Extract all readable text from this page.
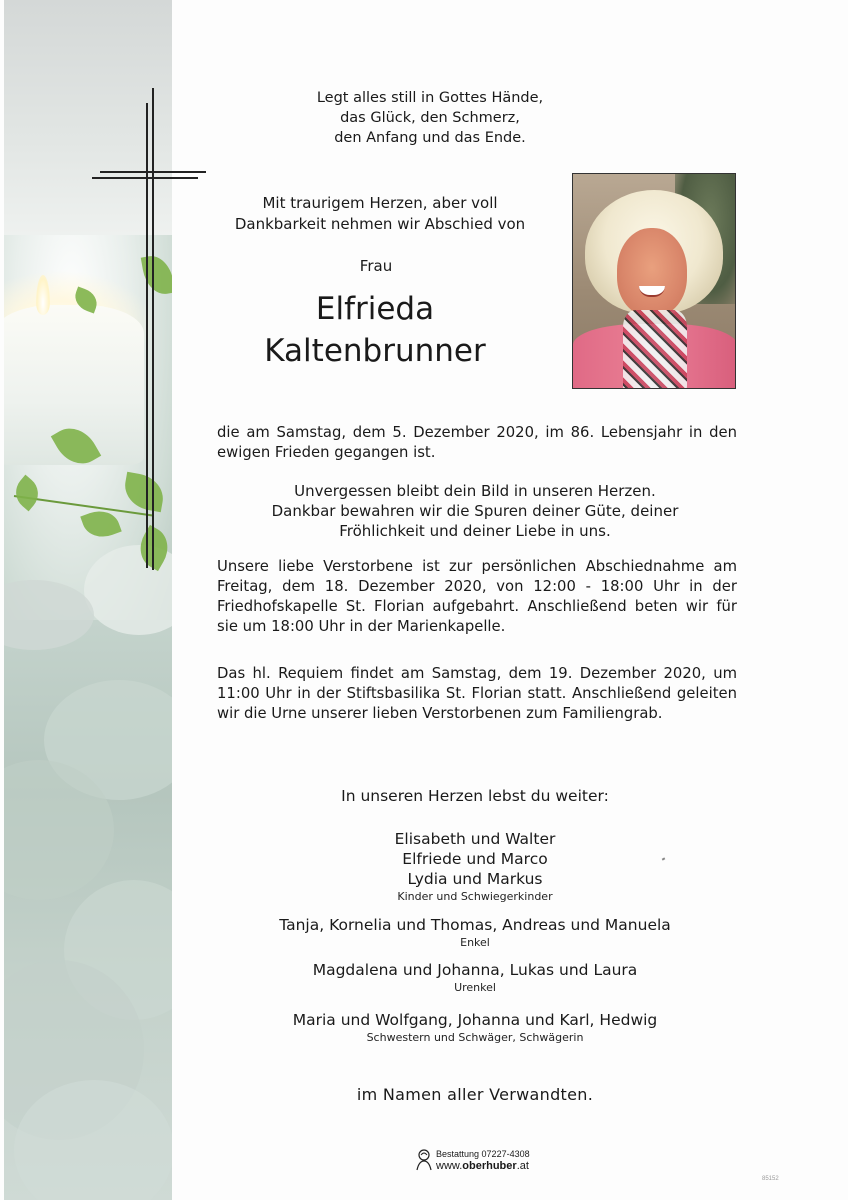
Legt alles still in Gottes Hände,
das Glück, den Schmerz,
den Anfang und das Ende.
Mit traurigem Herzen, aber voll
Dankbarkeit nehmen wir Abschied von
Frau
Elfrieda
Kaltenbrunner
die am Samstag, dem 5. Dezember 2020, im 86. Lebensjahr in den ewigen Frieden gegangen ist.
Unvergessen bleibt dein Bild in unseren Herzen.
Dankbar bewahren wir die Spuren deiner Güte, deiner
Fröhlichkeit und deiner Liebe in uns.
Unsere liebe Verstorbene ist zur persönlichen Abschiednahme am Freitag, dem 18. Dezember 2020, von 12:00 - 18:00 Uhr in der Friedhofskapelle St. Florian aufgebahrt. Anschließend beten wir für sie um 18:00 Uhr in der Marienkapelle.
Das hl. Requiem findet am Samstag, dem 19. Dezember 2020, um 11:00 Uhr in der Stiftsbasilika St. Florian statt. Anschließend geleiten wir die Urne unserer lieben Verstorbenen zum Familiengrab.
In unseren Herzen lebst du weiter:
Elisabeth und Walter
Elfriede und Marco
Lydia und Markus
Kinder und Schwiegerkinder
Tanja, Kornelia und Thomas, Andreas und Manuela
Enkel
Magdalena und Johanna, Lukas und Laura
Urenkel
Maria und Wolfgang, Johanna und Karl, Hedwig
Schwestern und Schwäger, Schwägerin
im Namen aller Verwandten.
Bestattung 07227-4308
www.oberhuber.at
85152
